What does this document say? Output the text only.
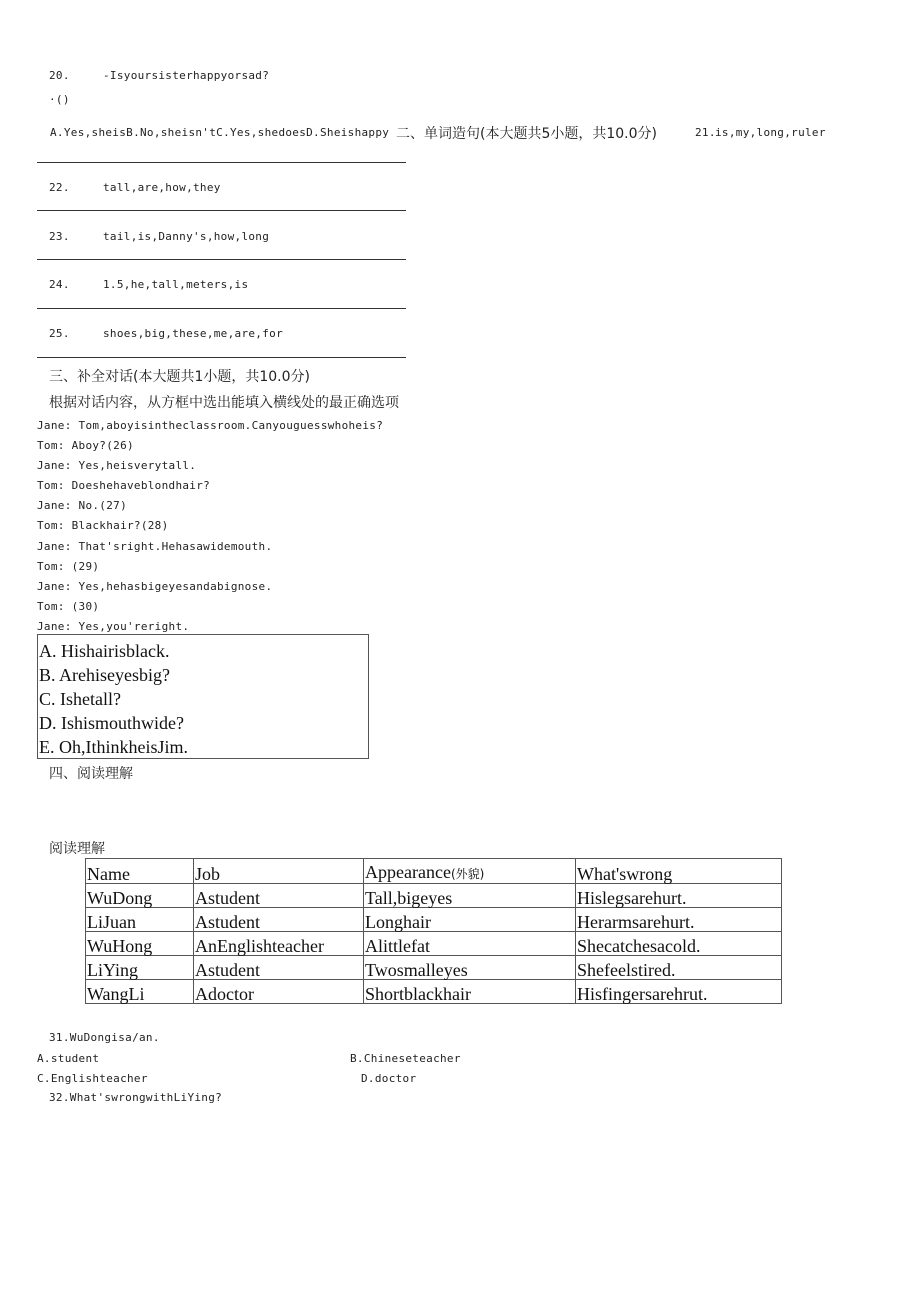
20.	-Isyoursisterhappyorsad?
·()
A.Yes,sheisB.No,sheisn'tC.Yes,shedoesD.Sheishappy 二、单词造句(本大题共5小题，共10.0分)	21. is,my,long,ruler
22.	tall,are,how,they
23.	tail,is,Danny's,how,long
24.	1.5,he,tall,meters,is
25.	shoes,big,these,me,are,for
三、补全对话(本大题共1小题，共10.0分)
根据对话内容，从方框中选出能填入横线处的最正确选项
Jane: Tom,aboyisintheclassroom.Canyouguesswhoheis?
Tom: Aboy?(26)
Jane: Yes,heisverytall.
Tom: Doeshehaveblondhair?
Jane: No.(27)
Tom: Blackhair?(28)
Jane: That'sright.Hehasawidemouth.
Tom: (29)
Jane: Yes,hehasbigeyesandabignose.
Tom: (30)
Jane: Yes,you'reright.
A. Hishairisblack.
B. Arehiseyesbig?
C. Ishetall?
D. Ishismouthwide?
E. Oh,IthinkheisJim.
四、阅读理解
阅读理解
Name	Job	Appearance(外貌)	What'swrong
WuDong	Astudent	Tall,bigeyes	Hislegsarehurt.
LiJuan	Astudent	Longhair	Herarmsarehurt.
WuHong	AnEnglishteacher	Alittlefat	Shecatchesacold.
LiYing	Astudent	Twosmalleyes	Shefeelstired.
WangLi	Adoctor	Shortblackhair	Hisfingersarehrut.
31.WuDongisa/an.
A.student	B.Chineseteacher
C.Englishteacher	D.doctor
32.What'swrongwithLiYing?
